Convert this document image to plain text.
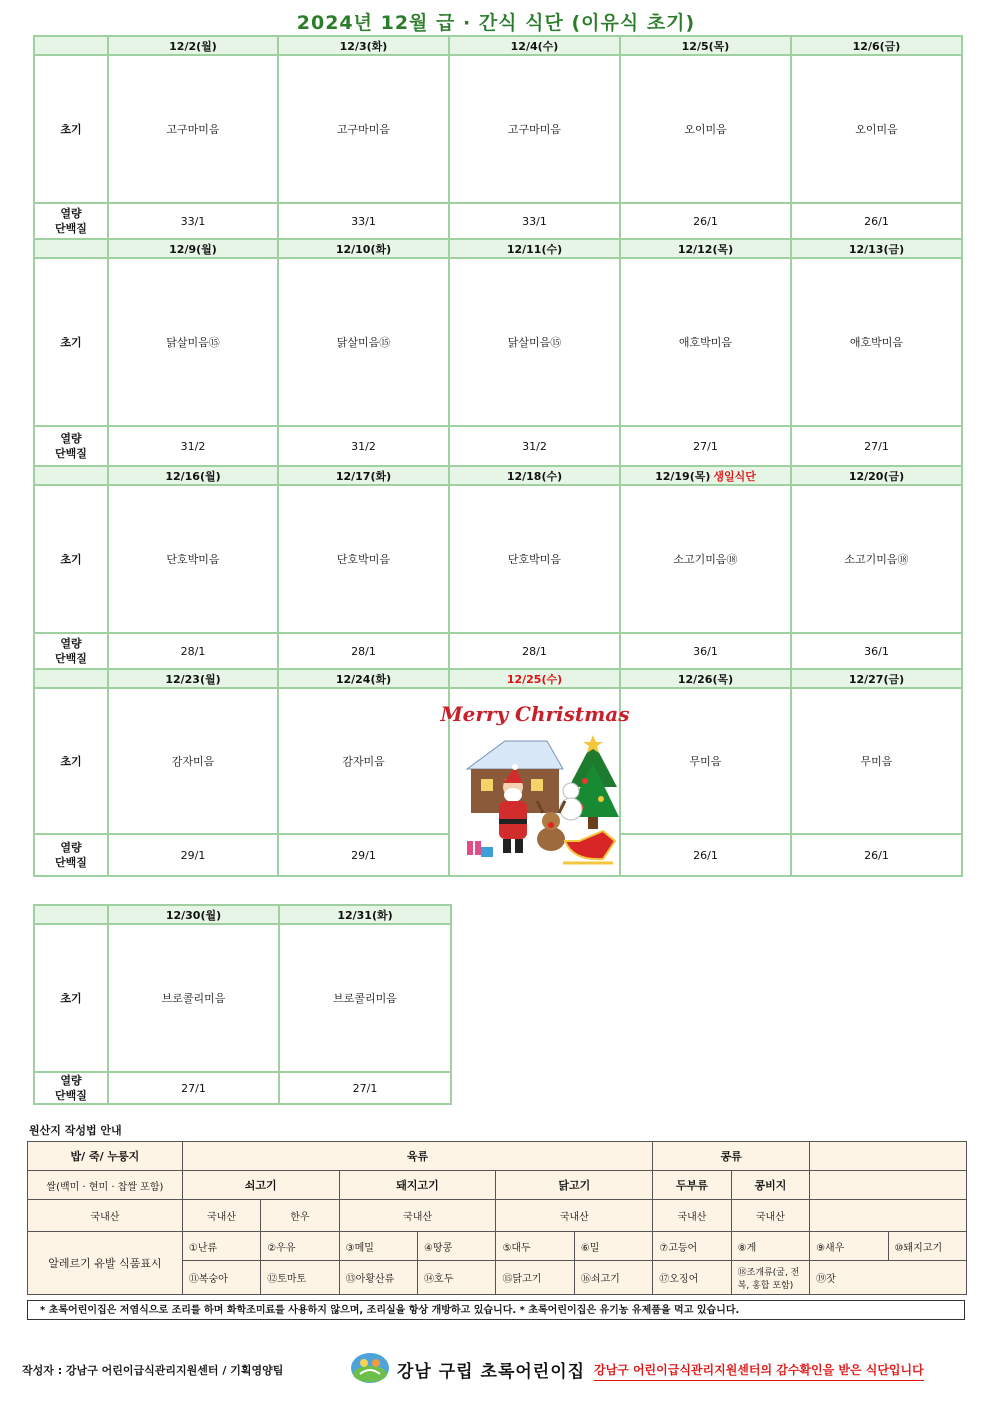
2024년 12월 급 · 간식 식단 (이유식 초기)
	12/2(월)	12/3(화)	12/4(수)	12/5(목)	12/6(금)
초기	고구마미음	고구마미음	고구마미음	오이미음	오이미음
열량
단백질	33/1	33/1	33/1	26/1	26/1
	12/9(월)	12/10(화)	12/11(수)	12/12(목)	12/13(금)
초기	닭살미음⑮	닭살미음⑮	닭살미음⑮	애호박미음	애호박미음
열량
단백질	31/2	31/2	31/2	27/1	27/1
	12/16(월)	12/17(화)	12/18(수)	12/19(목) 생일식단	12/20(금)
초기	단호박미음	단호박미음	단호박미음	소고기미음⑱	소고기미음⑱
열량
단백질	28/1	28/1	28/1	36/1	36/1
	12/23(월)	12/24(화)	12/25(수)	12/26(목)	12/27(금)
초기	감자미음	감자미음	Merry Christmas	무미음	무미음
열량
단백질	29/1	29/1		26/1	26/1
	12/30(월)	12/31(화)
초기	브로콜리미음	브로콜리미음
열량
단백질	27/1	27/1
원산지 작성법 안내
밥/ 죽/ 누룽지	육류						콩류			
쌀(백미 · 현미 · 찹쌀 포함)	쇠고기		돼지고기		닭고기		두부류	콩비지		
국내산	국내산	한우	국내산		국내산		국내산	국내산		
알레르기 유발 식품표시	①난류	②우유	③메밀	④땅콩	⑤대두	⑥밀	⑦고등어	⑧게	⑨새우	⑩돼지고기
	⑪복숭아	⑫토마토	⑬아황산류	⑭호두	⑮닭고기	⑯쇠고기	⑰오징어	⑱조개류(굴, 전복, 홍합 포함)	⑲잣	
* 초록어린이집은 저염식으로 조리를 하며 화학조미료를 사용하지 않으며, 조리실을 항상 개방하고 있습니다. * 초록어린이집은 유기농 유제품을 먹고 있습니다.
작성자 : 강남구 어린이급식관리지원센터 / 기획영양팀	강남 구립 초록어린이집 강남구 어린이급식관리지원센터의 감수확인을 받은 식단입니다
